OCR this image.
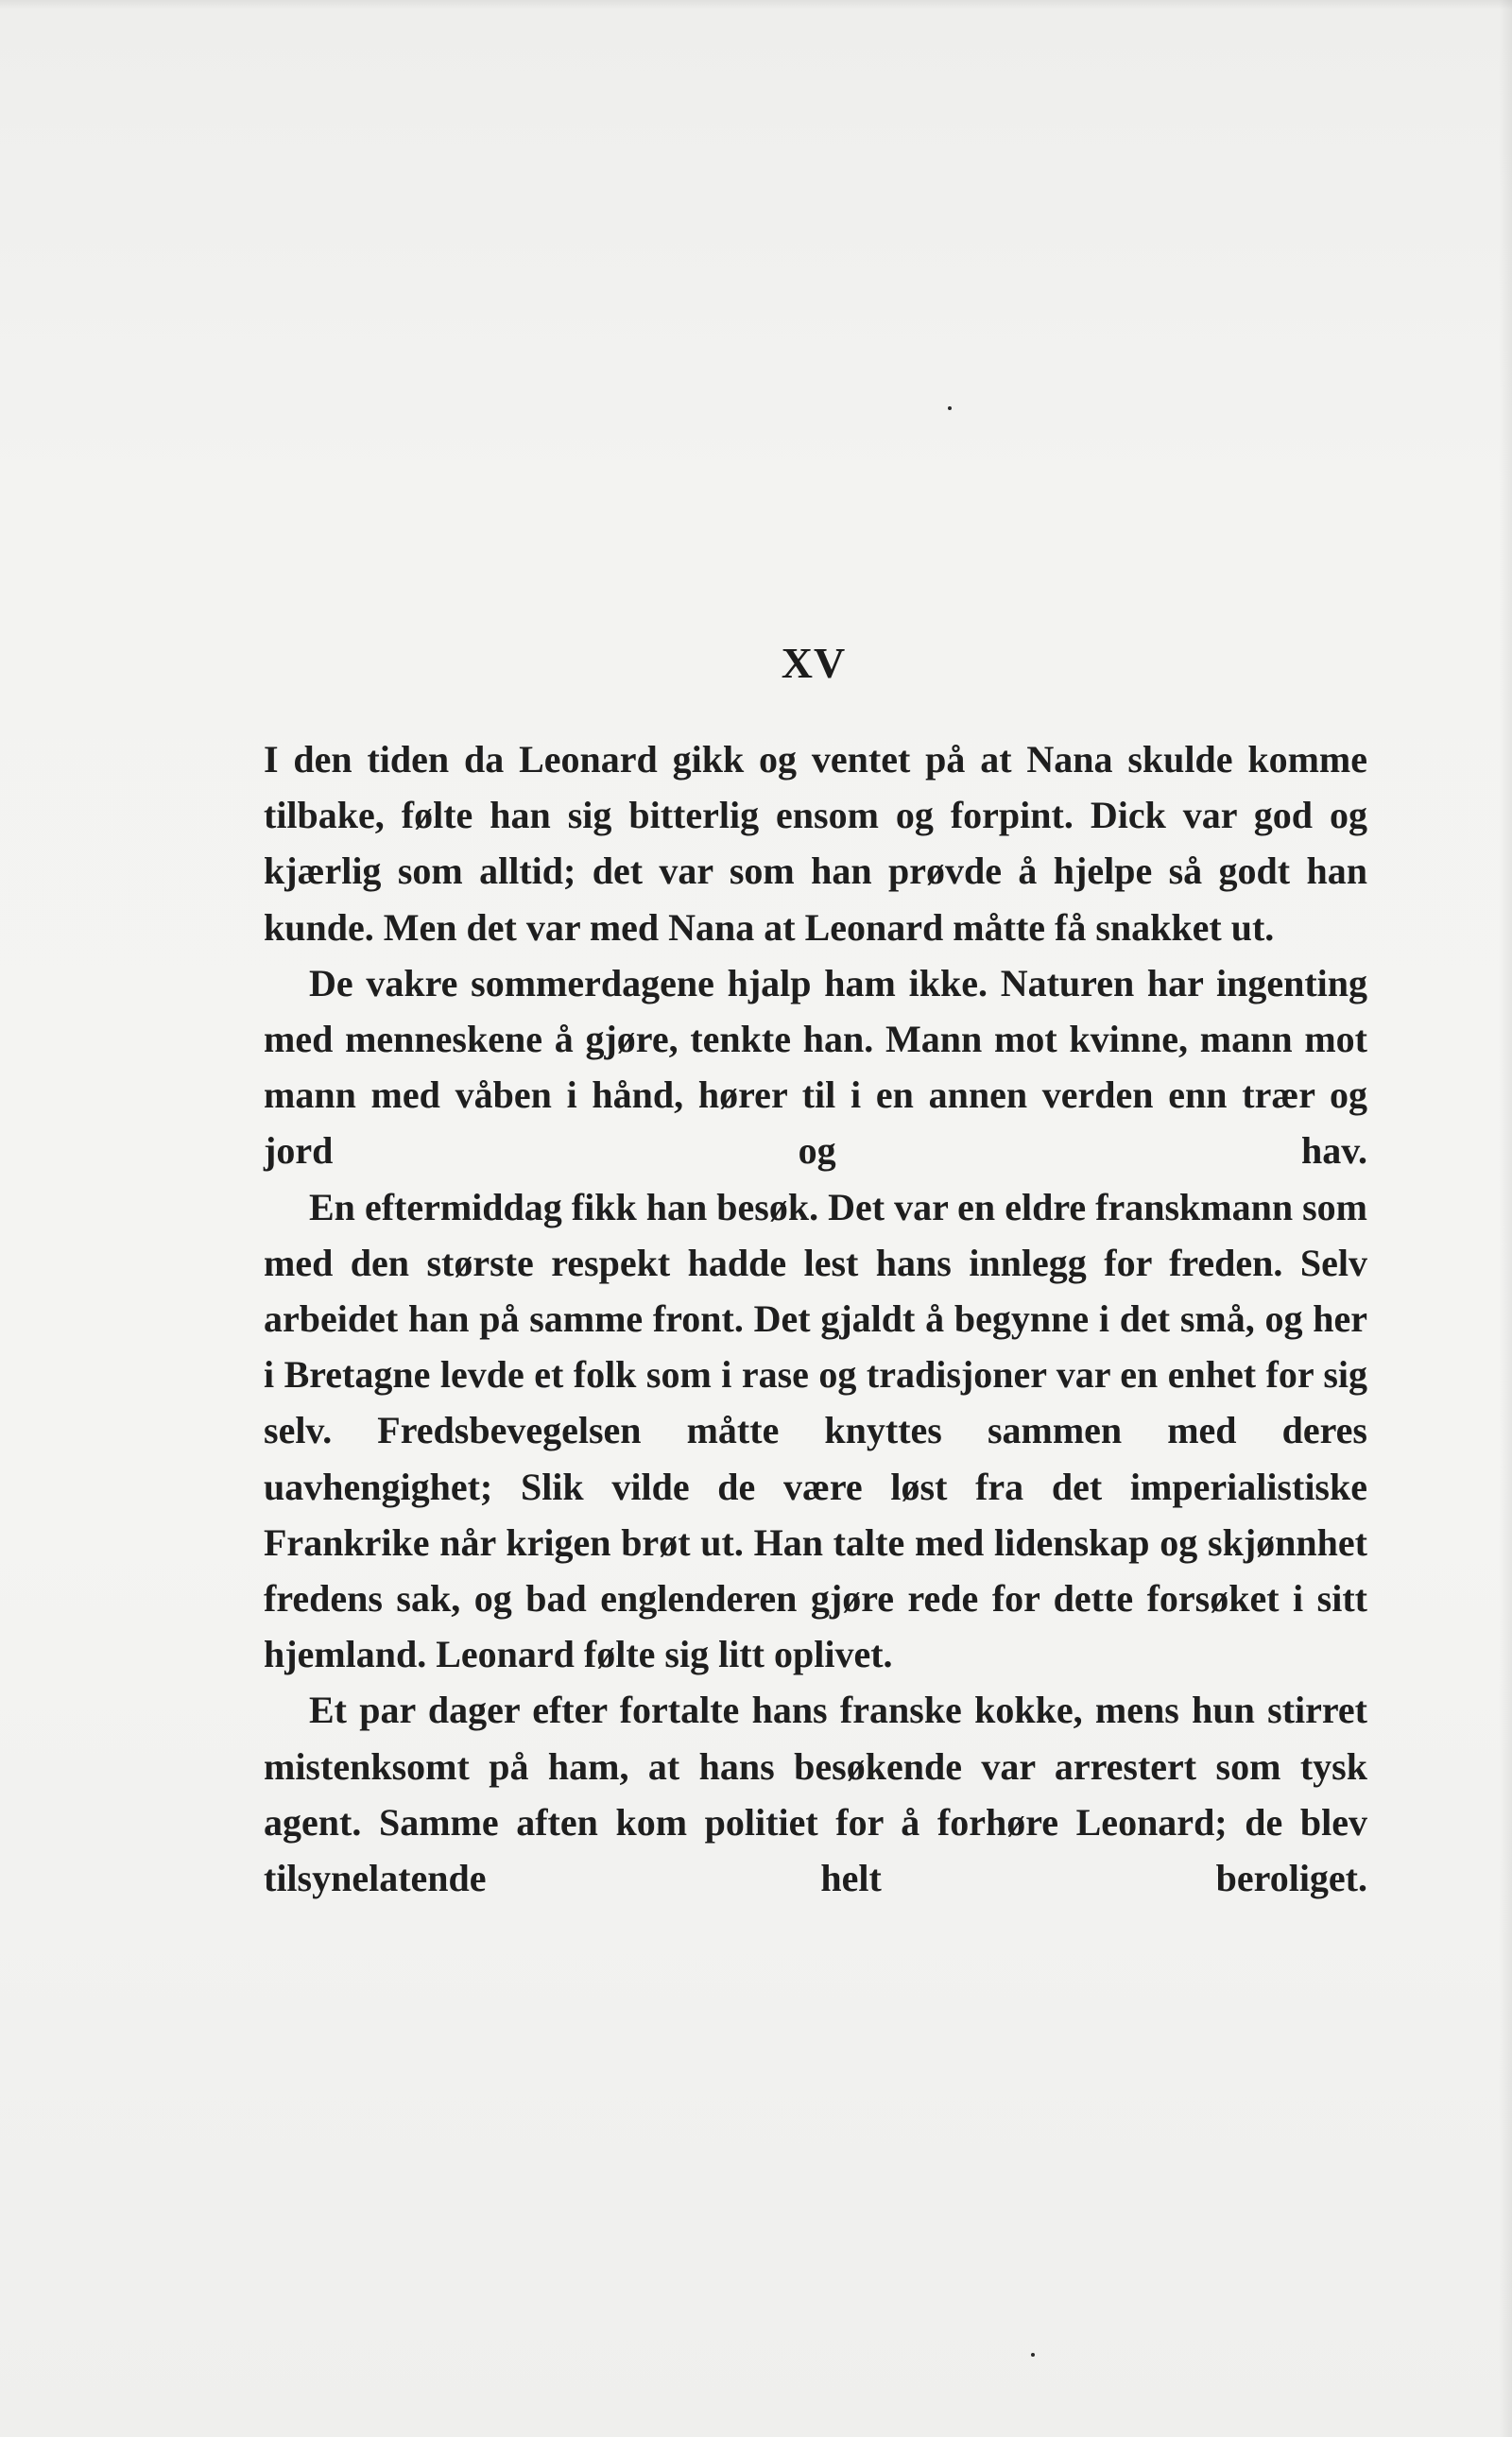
XV

I den tiden da Leonard gikk og ventet på at Nana skulde komme tilbake, følte han sig bitterlig ensom og forpint. Dick var god og kjærlig som alltid; det var som han prøvde å hjelpe så godt han kunde. Men det var med Nana at Leonard måtte få snakket ut.

De vakre sommerdagene hjalp ham ikke. Naturen har ingenting med menneskene å gjøre, tenkte han. Mann mot kvinne, mann mot mann med våben i hånd, hører til i en annen verden enn trær og jord og hav.

En eftermiddag fikk han besøk. Det var en eldre franskmann som med den største respekt hadde lest hans innlegg for freden. Selv arbeidet han på samme front. Det gjaldt å begynne i det små, og her i Bretagne levde et folk som i rase og tradisjoner var en enhet for sig selv. Fredsbevegelsen måtte knyttes sammen med deres uavhengighet; Slik vilde de være løst fra det imperialistiske Frankrike når krigen brøt ut. Han talte med lidenskap og skjønnhet fredens sak, og bad englenderen gjøre rede for dette forsøket i sitt hjemland. Leonard følte sig litt oplivet.

Et par dager efter fortalte hans franske kokke, mens hun stirret mistenksomt på ham, at hans besøkende var arrestert som tysk agent. Samme aften kom politiet for å forhøre Leonard; de blev tilsynelatende helt beroliget.
